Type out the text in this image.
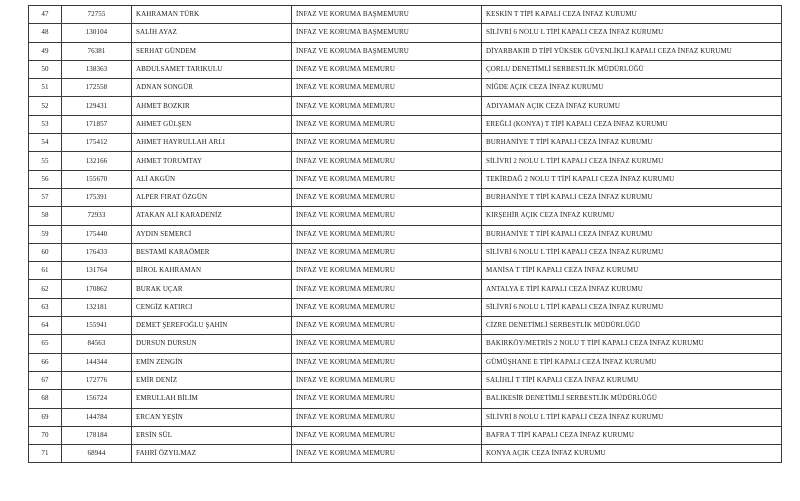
47	72755	KAHRAMAN TÜRK	İNFAZ VE KORUMA BAŞMEMURU	KESKİN T TİPİ KAPALI CEZA İNFAZ KURUMU
48	130104	SALİH AYAZ	İNFAZ VE KORUMA BAŞMEMURU	SİLİVRİ 6 NOLU L TİPİ KAPALI CEZA İNFAZ KURUMU
49	76381	SERHAT GÜNDEM	İNFAZ VE KORUMA BAŞMEMURU	DİYARBAKIR D TİPİ YÜKSEK GÜVENLİKLİ KAPALI CEZA İNFAZ KURUMU
50	138363	ABDULSAMET TARIKULU	İNFAZ VE KORUMA MEMURU	ÇORLU DENETİMLİ SERBESTLİK MÜDÜRLÜĞÜ
51	172558	ADNAN SONGÜR	İNFAZ VE KORUMA MEMURU	NİĞDE AÇIK CEZA İNFAZ KURUMU
52	129431	AHMET BOZKIR	İNFAZ VE KORUMA MEMURU	ADIYAMAN AÇIK CEZA İNFAZ KURUMU
53	171857	AHMET GÜLŞEN	İNFAZ VE KORUMA MEMURU	EREĞLİ (KONYA) T TİPİ KAPALI CEZA İNFAZ KURUMU
54	175412	AHMET HAYRULLAH ARLI	İNFAZ VE KORUMA MEMURU	BURHANİYE T TİPİ KAPALI CEZA İNFAZ KURUMU
55	132166	AHMET TORUMTAY	İNFAZ VE KORUMA MEMURU	SİLİVRİ 2 NOLU L TİPİ KAPALI CEZA İNFAZ KURUMU
56	155670	ALİ AKGÜN	İNFAZ VE KORUMA MEMURU	TEKİRDAĞ 2 NOLU T TİPİ KAPALI CEZA İNFAZ KURUMU
57	175391	ALPER FIRAT ÖZGÜN	İNFAZ VE KORUMA MEMURU	BURHANİYE T TİPİ KAPALI CEZA İNFAZ KURUMU
58	72933	ATAKAN ALİ KARADENİZ	İNFAZ VE KORUMA MEMURU	KIRŞEHİR AÇIK CEZA İNFAZ KURUMU
59	175440	AYDIN SEMERCİ	İNFAZ VE KORUMA MEMURU	BURHANİYE T TİPİ KAPALI CEZA İNFAZ KURUMU
60	176433	BESTAMİ KARAÖMER	İNFAZ VE KORUMA MEMURU	SİLİVRİ 6 NOLU L TİPİ KAPALI CEZA İNFAZ KURUMU
61	131764	BİROL KAHRAMAN	İNFAZ VE KORUMA MEMURU	MANİSA T TİPİ KAPALI CEZA İNFAZ KURUMU
62	170862	BURAK UÇAR	İNFAZ VE KORUMA MEMURU	ANTALYA E TİPİ KAPALI CEZA İNFAZ KURUMU
63	132181	CENGİZ KATIRCI	İNFAZ VE KORUMA MEMURU	SİLİVRİ 6 NOLU L TİPİ KAPALI CEZA İNFAZ KURUMU
64	155941	DEMET ŞEREFOĞLU ŞAHİN	İNFAZ VE KORUMA MEMURU	CİZRE DENETİMLİ SERBESTLİK MÜDÜRLÜĞÜ
65	84563	DURSUN DURSUN	İNFAZ VE KORUMA MEMURU	BAKIRKÖY/METRİS 2 NOLU T TİPİ KAPALI CEZA İNFAZ KURUMU
66	144344	EMİN ZENGİN	İNFAZ VE KORUMA MEMURU	GÜMÜŞHANE E TİPİ KAPALI CEZA İNFAZ KURUMU
67	172776	EMİR DENİZ	İNFAZ VE KORUMA MEMURU	SALİHLİ T TİPİ KAPALI CEZA İNFAZ KURUMU
68	156724	EMRULLAH BİLİM	İNFAZ VE KORUMA MEMURU	BALIKESİR DENETİMLİ SERBESTLİK MÜDÜRLÜĞÜ
69	144784	ERCAN YEŞİN	İNFAZ VE KORUMA MEMURU	SİLİVRİ 8 NOLU L TİPİ KAPALI CEZA İNFAZ KURUMU
70	178184	ERSİN SÜL	İNFAZ VE KORUMA MEMURU	BAFRA T TİPİ KAPALI CEZA İNFAZ KURUMU
71	68944	FAHRİ ÖZYILMAZ	İNFAZ VE KORUMA MEMURU	KONYA AÇIK CEZA İNFAZ KURUMU
